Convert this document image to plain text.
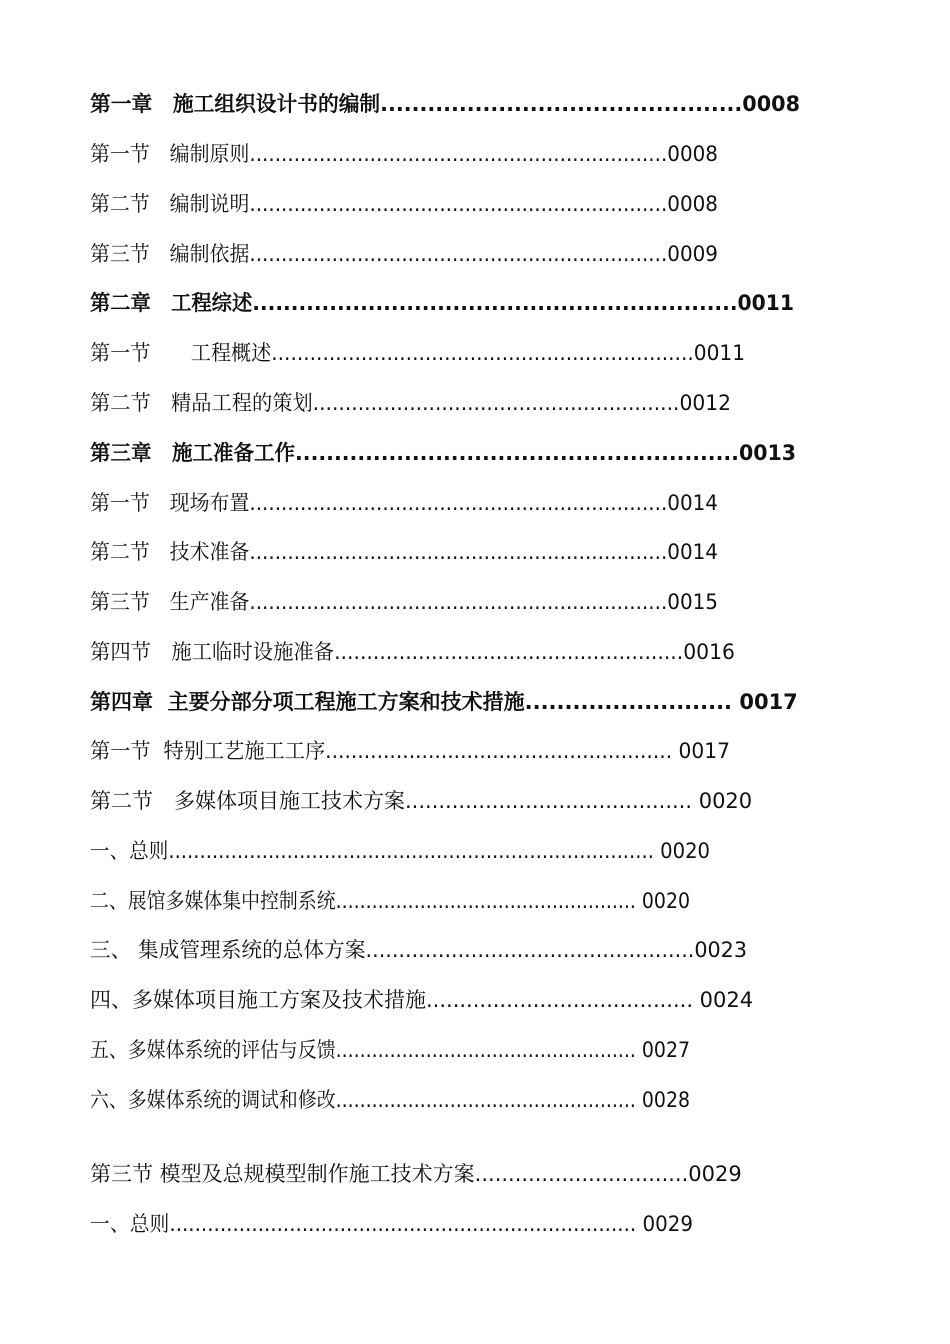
第一章　施工组织设计书的编制..............................................0008
第一节　编制原则..................................................................0008
第二节　编制说明..................................................................0008
第三节　编制依据..................................................................0009
第二章　工程综述...............................................................0011
第一节　　工程概述..................................................................0011
第二节　精品工程的策划.........................................................0012
第三章　施工准备工作.........................................................0013
第一节　现场布置..................................................................0014
第二节　技术准备..................................................................0014
第三节　生产准备..................................................................0015
第四节　施工临时设施准备......................................................0016
第四章  主要分部分项工程施工方案和技术措施.......................... 0017
第一节  特别工艺施工工序...................................................... 0017
第二节　多媒体项目施工技术方案........................................... 0020
一、总则.............................................................................. 0020
二、展馆多媒体集中控制系统.................................................. 0020
三、 集成管理系统的总体方案..................................................0023
四、多媒体项目施工方案及技术措施........................................ 0024
五、多媒体系统的评估与反馈.................................................. 0027
六、多媒体系统的调试和修改.................................................. 0028
第三节 模型及总规模型制作施工技术方案................................0029
一、总则.......................................................................... 0029
